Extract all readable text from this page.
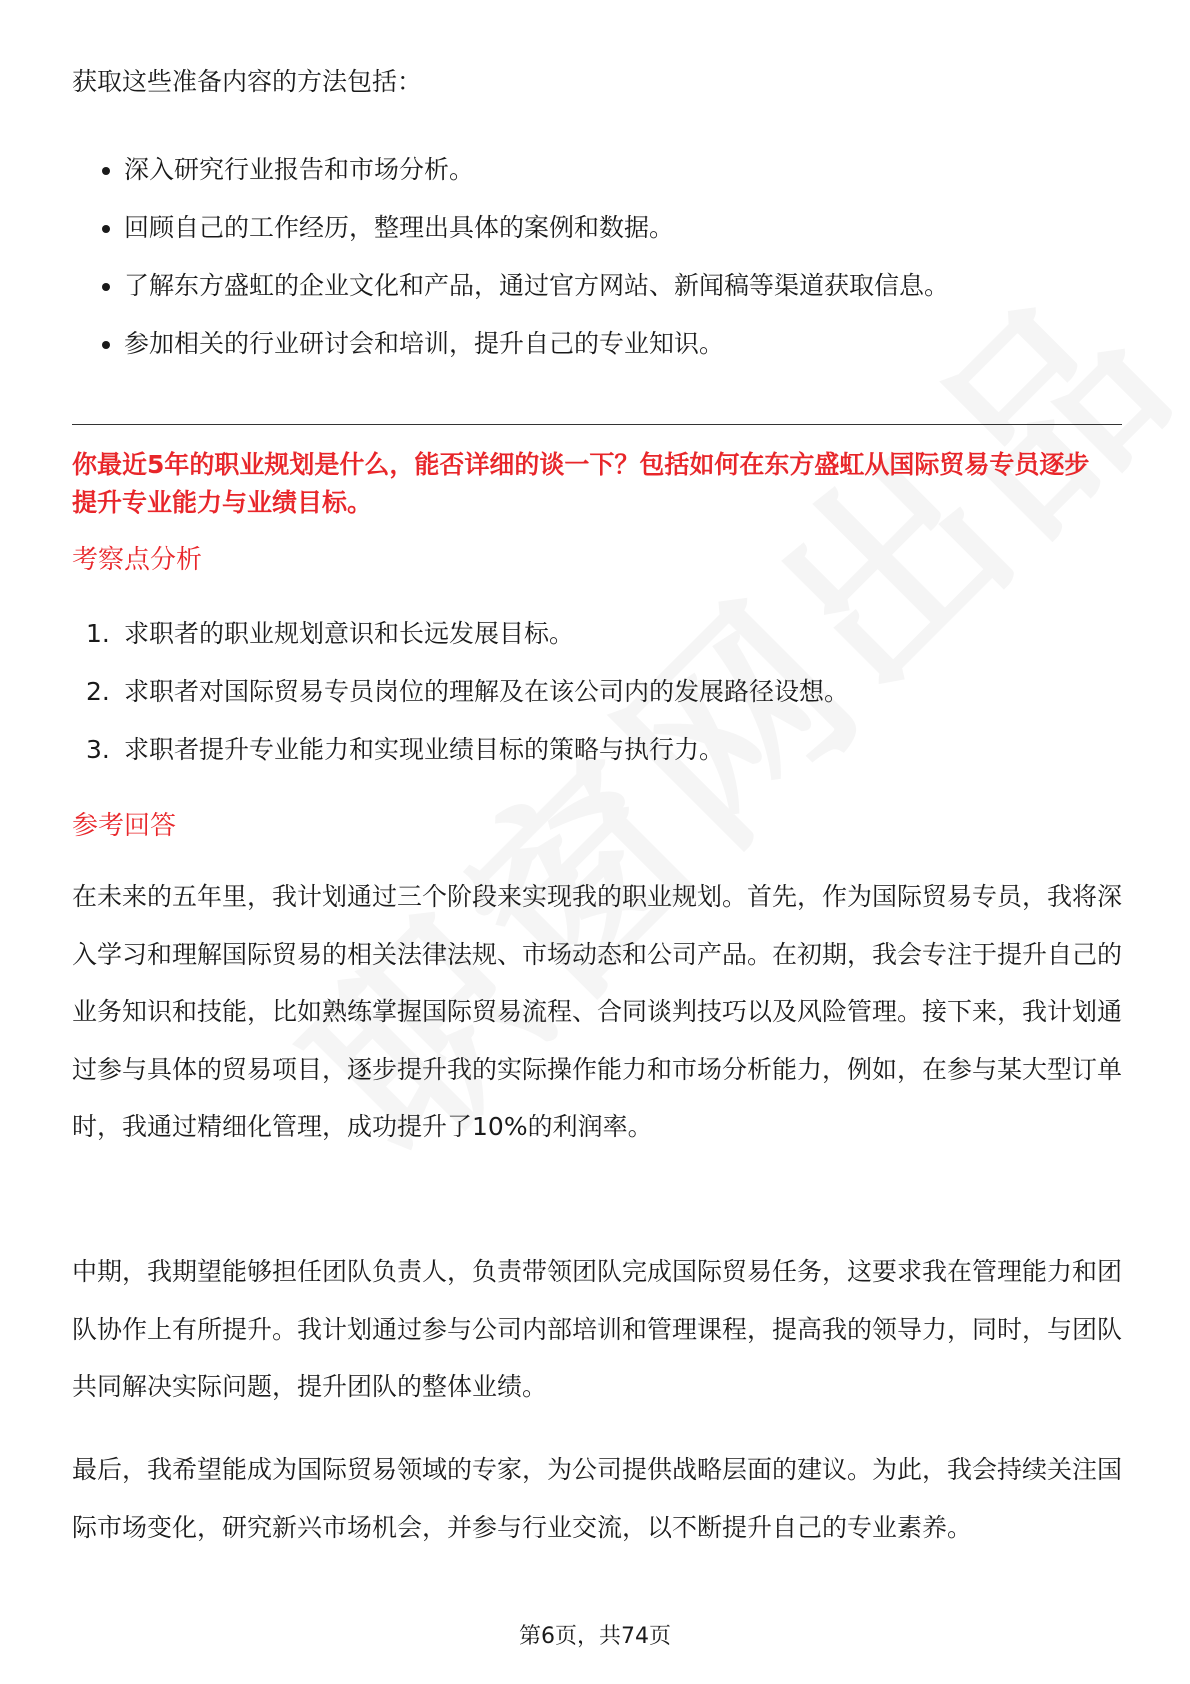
获取这些准备内容的方法包括：

深入研究行业报告和市场分析。
回顾自己的工作经历，整理出具体的案例和数据。
了解东方盛虹的企业文化和产品，通过官方网站、新闻稿等渠道获取信息。
参加相关的行业研讨会和培训，提升自己的专业知识。

你最近5年的职业规划是什么，能否详细的谈一下？包括如何在东方盛虹从国际贸易专员逐步提升专业能力与业绩目标。

考察点分析
1. 求职者的职业规划意识和长远发展目标。
2. 求职者对国际贸易专员岗位的理解及在该公司内的发展路径设想。
3. 求职者提升专业能力和实现业绩目标的策略与执行力。
参考回答

在未来的五年里，我计划通过三个阶段来实现我的职业规划。首先，作为国际贸易专员，我将深入学习和理解国际贸易的相关法律法规、市场动态和公司产品。在初期，我会专注于提升自己的业务知识和技能，比如熟练掌握国际贸易流程、合同谈判技巧以及风险管理。接下来，我计划通过参与具体的贸易项目，逐步提升我的实际操作能力和市场分析能力，例如，在参与某大型订单时，我通过精细化管理，成功提升了10%的利润率。

中期，我期望能够担任团队负责人，负责带领团队完成国际贸易任务，这要求我在管理能力和团队协作上有所提升。我计划通过参与公司内部培训和管理课程，提高我的领导力，同时，与团队共同解决实际问题，提升团队的整体业绩。

最后，我希望能成为国际贸易领域的专家，为公司提供战略层面的建议。为此，我会持续关注国际市场变化，研究新兴市场机会，并参与行业交流，以不断提升自己的专业素养。

第6页，共74页
